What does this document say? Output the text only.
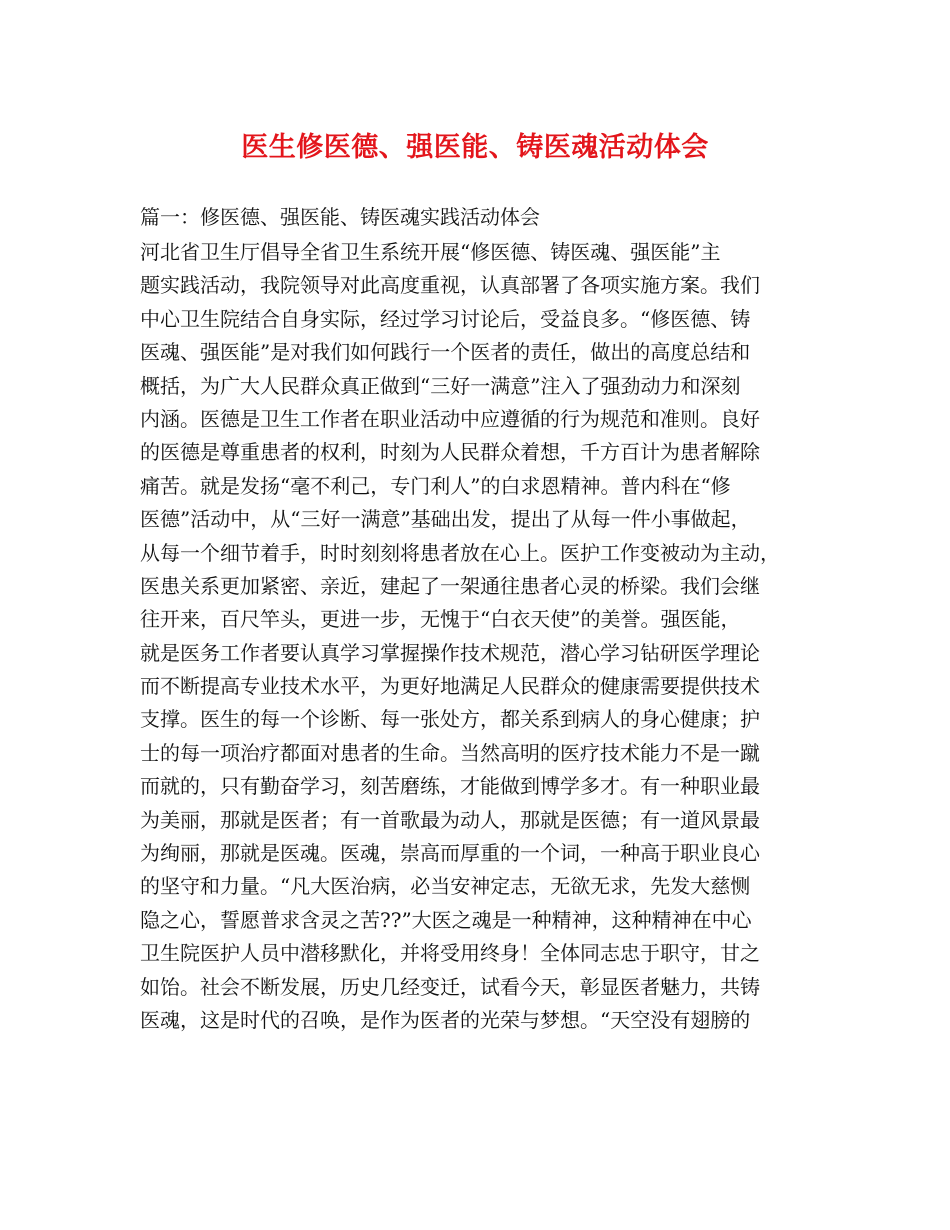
医生修医德、强医能、铸医魂活动体会

篇一：修医德、强医能、铸医魂实践活动体会

河北省卫生厅倡导全省卫生系统开展“修医德、铸医魂、强医能”主
题实践活动，我院领导对此高度重视，认真部署了各项实施方案。我们
中心卫生院结合自身实际，经过学习讨论后，受益良多。“修医德、铸
医魂、强医能”是对我们如何践行一个医者的责任，做出的高度总结和
概括，为广大人民群众真正做到“三好一满意”注入了强劲动力和深刻
内涵。医德是卫生工作者在职业活动中应遵循的行为规范和准则。良好
的医德是尊重患者的权利，时刻为人民群众着想，千方百计为患者解除
痛苦。就是发扬“毫不利己，专门利人”的白求恩精神。普内科在“修
医德”活动中，从“三好一满意”基础出发，提出了从每一件小事做起，
从每一个细节着手，时时刻刻将患者放在心上。医护工作变被动为主动，
医患关系更加紧密、亲近，建起了一架通往患者心灵的桥梁。我们会继
往开来，百尺竿头，更进一步，无愧于“白衣天使”的美誉。强医能，
就是医务工作者要认真学习掌握操作技术规范，潜心学习钻研医学理论
而不断提高专业技术水平，为更好地满足人民群众的健康需要提供技术
支撑。医生的每一个诊断、每一张处方，都关系到病人的身心健康；护
士的每一项治疗都面对患者的生命。当然高明的医疗技术能力不是一蹴
而就的，只有勤奋学习，刻苦磨练，才能做到博学多才。有一种职业最
为美丽，那就是医者；有一首歌最为动人，那就是医德；有一道风景最
为绚丽，那就是医魂。医魂，崇高而厚重的一个词，一种高于职业良心
的坚守和力量。“凡大医治病，必当安神定志，无欲无求，先发大慈恻
隐之心，誓愿普求含灵之苦??”大医之魂是一种精神，这种精神在中心
卫生院医护人员中潜移默化，并将受用终身！全体同志忠于职守，甘之
如饴。社会不断发展，历史几经变迁，试看今天，彰显医者魅力，共铸
医魂，这是时代的召唤，是作为医者的光荣与梦想。“天空没有翅膀的
